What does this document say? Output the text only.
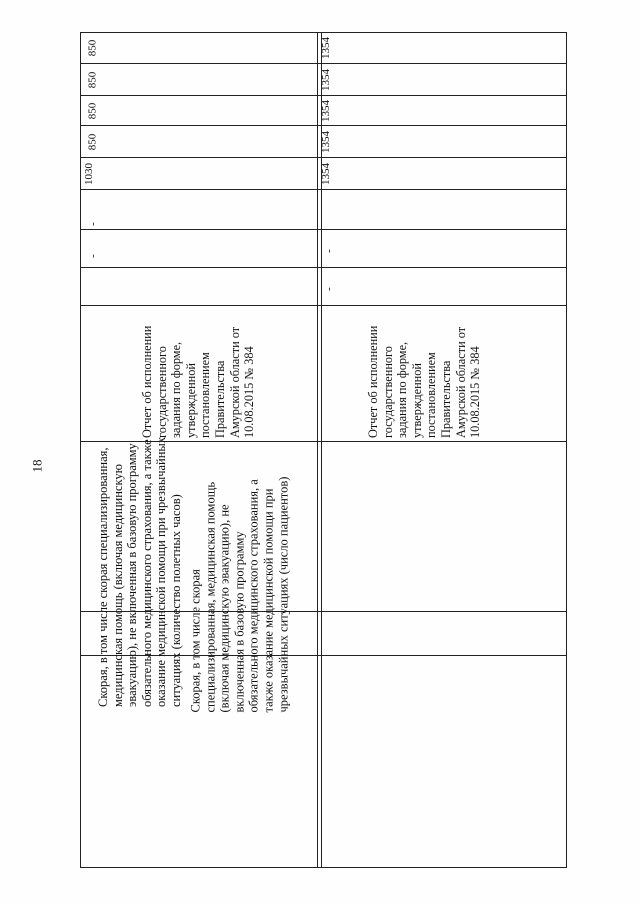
18	Скорая, в том числе скорая специализированная, медицинская помощь (включая медицинскую эвакуацию), не включенная в базовую программу обязательного медицинского страхования, а также оказание медицинской помощи при чрезвычайных ситуациях (количество полетных часов)
Отчет об исполнении государственного задания по форме, утвержденной постановлением Правительства Амурской области от 10.08.2015 № 384
-
-
1030
850
850
850
850
Скорая, в том числе скорая специализированная, медицинская помощь (включая медицинскую эвакуацию), не включенная в базовую программу обязательного медицинского страхования, а также оказание медицинской помощи при чрезвычайных ситуациях (число пациентов)
Отчет об исполнении государственного задания по форме, утвержденной постановлением Правительства Амурской области от 10.08.2015 № 384
-
-
1354
1354
1354
1354
1354
